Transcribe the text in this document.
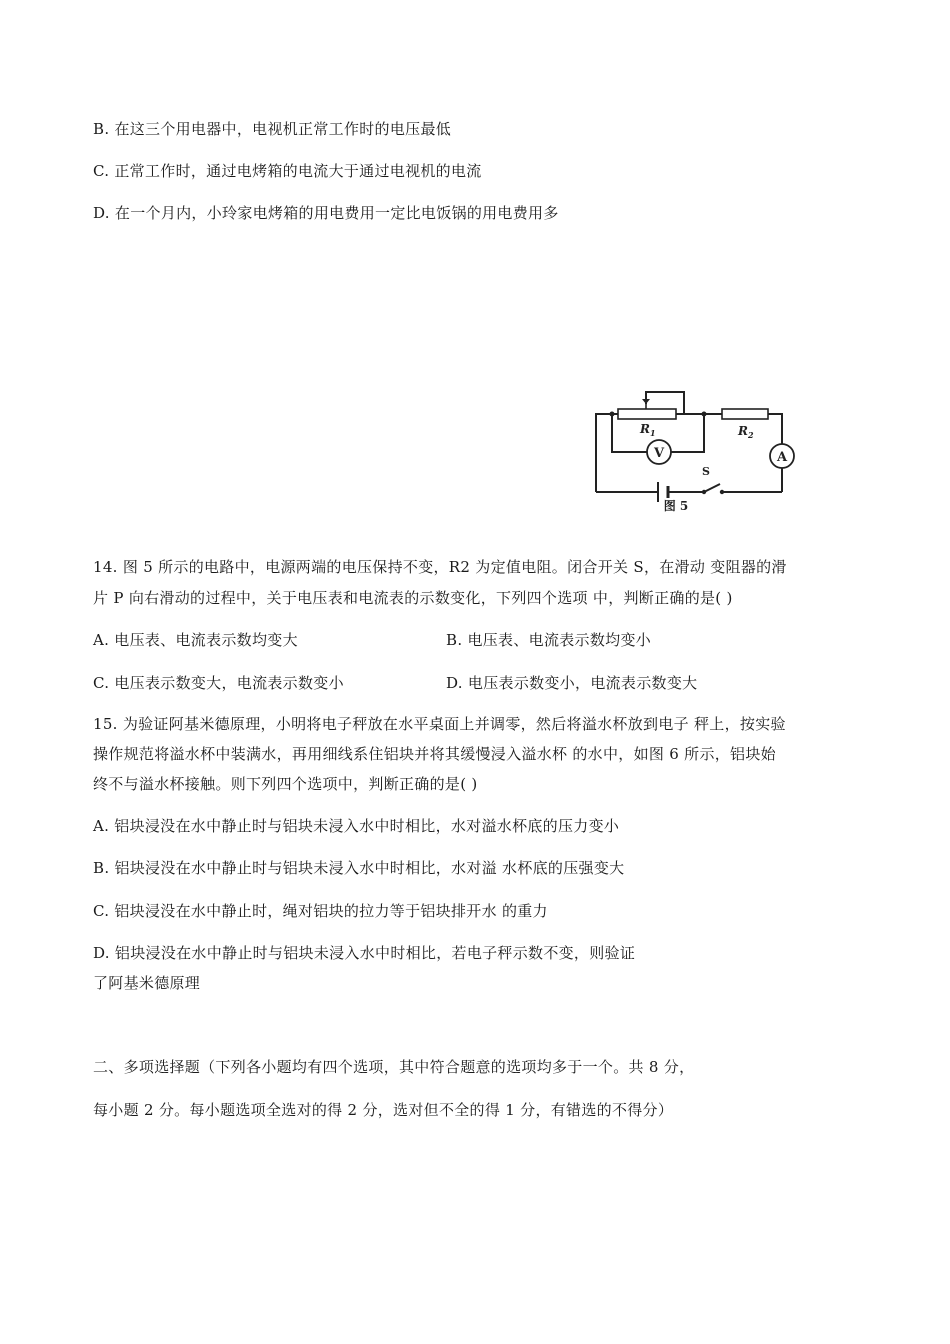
B. 在这三个用电器中，电视机正常工作时的电压最低
C. 正常工作时，通过电烤箱的电流大于通过电视机的电流
D. 在一个月内，小玲家电烤箱的用电费用一定比电饭锅的用电费用多
V	A
$R_1$	$R_2$
S
图 5
14. 图 5 所示的电路中，电源两端的电压保持不变，R2 为定值电阻。闭合开关 S，在滑动 变阻器的滑
片 P 向右滑动的过程中，关于电压表和电流表的示数变化，下列四个选项 中，判断正确的是( )
A. 电压表、电流表示数均变大	B. 电压表、电流表示数均变小
C. 电压表示数变大，电流表示数变小	D. 电压表示数变小，电流表示数变大
15. 为验证阿基米德原理，小明将电子秤放在水平桌面上并调零，然后将溢水杯放到电子 秤上，按实验
操作规范将溢水杯中装满水，再用细线系住铝块并将其缓慢浸入溢水杯 的水中，如图 6 所示，铝块始
终不与溢水杯接触。则下列四个选项中，判断正确的是( )
A. 铝块浸没在水中静止时与铝块未浸入水中时相比，水对溢水杯底的压力变小
B. 铝块浸没在水中静止时与铝块未浸入水中时相比，水对溢 水杯底的压强变大
C. 铝块浸没在水中静止时，绳对铝块的拉力等于铝块排开水 的重力
D. 铝块浸没在水中静止时与铝块未浸入水中时相比，若电子秤示数不变，则验证
了阿基米德原理
二、多项选择题（下列各小题均有四个选项，其中符合题意的选项均多于一个。共 8 分，
每小题 2 分。每小题选项全选对的得 2 分，选对但不全的得 1 分，有错选的不得分）
